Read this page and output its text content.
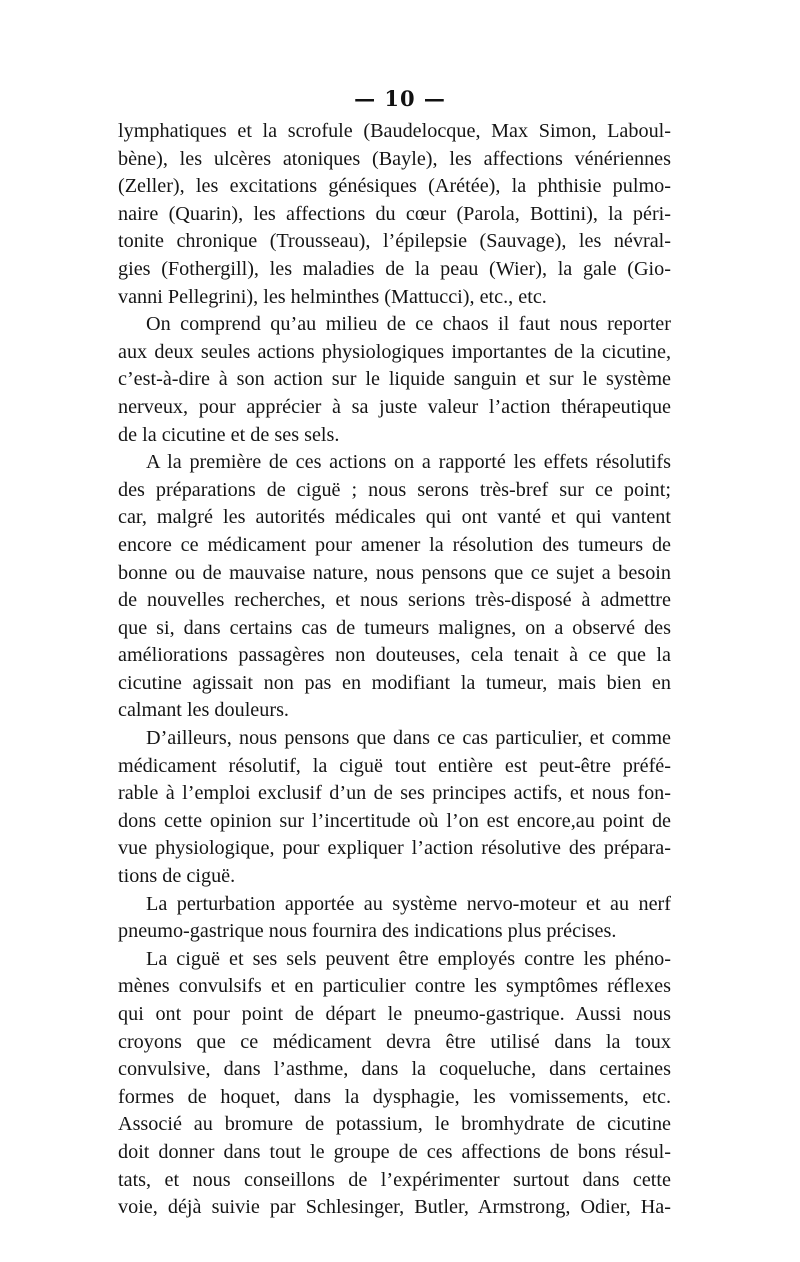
— 10 —
lymphatiques et la scrofule (Baudelocque, Max Simon, Laboul-
bène), les ulcères atoniques (Bayle), les affections vénériennes
(Zeller), les excitations génésiques (Arétée), la phthisie pulmo-
naire (Quarin), les affections du cœur (Parola, Bottini), la péri-
tonite chronique (Trousseau), l’épilepsie (Sauvage), les névral-
gies (Fothergill), les maladies de la peau (Wier), la gale (Gio-
vanni Pellegrini), les helminthes (Mattucci), etc., etc.
On comprend qu’au milieu de ce chaos il faut nous reporter
aux deux seules actions physiologiques importantes de la cicutine,
c’est-à-dire à son action sur le liquide sanguin et sur le système
nerveux, pour apprécier à sa juste valeur l’action thérapeutique
de la cicutine et de ses sels.
A la première de ces actions on a rapporté les effets résolutifs
des préparations de ciguë ; nous serons très-bref sur ce point;
car, malgré les autorités médicales qui ont vanté et qui vantent
encore ce médicament pour amener la résolution des tumeurs de
bonne ou de mauvaise nature, nous pensons que ce sujet a besoin
de nouvelles recherches, et nous serions très-disposé à admettre
que si, dans certains cas de tumeurs malignes, on a observé des
améliorations passagères non douteuses, cela tenait à ce que la
cicutine agissait non pas en modifiant la tumeur, mais bien en
calmant les douleurs.
D’ailleurs, nous pensons que dans ce cas particulier, et comme
médicament résolutif, la ciguë tout entière est peut-être préfé-
rable à l’emploi exclusif d’un de ses principes actifs, et nous fon-
dons cette opinion sur l’incertitude où l’on est encore,au point de
vue physiologique, pour expliquer l’action résolutive des prépara-
tions de ciguë.
La perturbation apportée au système nervo-moteur et au nerf
pneumo-gastrique nous fournira des indications plus précises.
La ciguë et ses sels peuvent être employés contre les phéno-
mènes convulsifs et en particulier contre les symptômes réflexes
qui ont pour point de départ le pneumo-gastrique. Aussi nous
croyons que ce médicament devra être utilisé dans la toux
convulsive, dans l’asthme, dans la coqueluche, dans certaines
formes de hoquet, dans la dysphagie, les vomissements, etc.
Associé au bromure de potassium, le bromhydrate de cicutine
doit donner dans tout le groupe de ces affections de bons résul-
tats, et nous conseillons de l’expérimenter surtout dans cette
voie, déjà suivie par Schlesinger, Butler, Armstrong, Odier, Ha-
